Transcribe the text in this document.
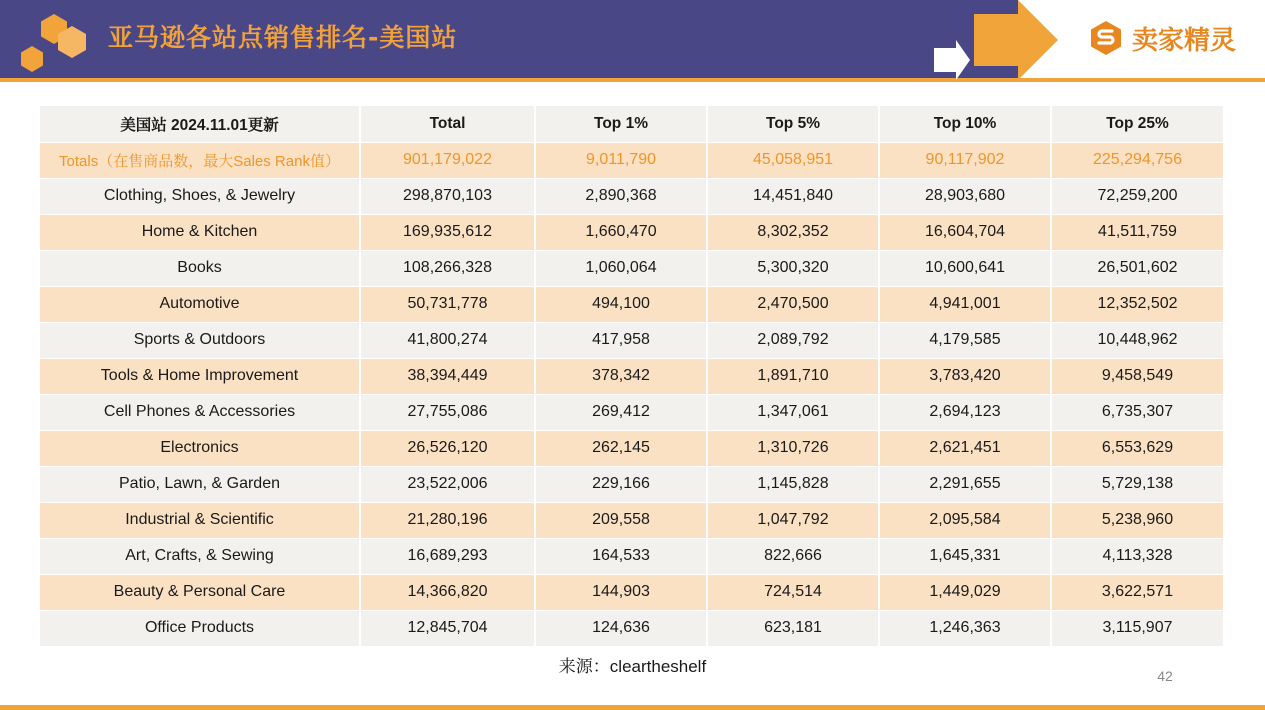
亚马逊各站点销售排名-美国站	卖家精灵
美国站 2024.11.01更新	Total	Top 1%	Top 5%	Top 10%	Top 25%
Totals（在售商品数，最大Sales Rank值）	901,179,022	9,011,790	45,058,951	90,117,902	225,294,756
Clothing, Shoes, & Jewelry	298,870,103	2,890,368	14,451,840	28,903,680	72,259,200
Home & Kitchen	169,935,612	1,660,470	8,302,352	16,604,704	41,511,759
Books	108,266,328	1,060,064	5,300,320	10,600,641	26,501,602
Automotive	50,731,778	494,100	2,470,500	4,941,001	12,352,502
Sports & Outdoors	41,800,274	417,958	2,089,792	4,179,585	10,448,962
Tools & Home Improvement	38,394,449	378,342	1,891,710	3,783,420	9,458,549
Cell Phones & Accessories	27,755,086	269,412	1,347,061	2,694,123	6,735,307
Electronics	26,526,120	262,145	1,310,726	2,621,451	6,553,629
Patio, Lawn, & Garden	23,522,006	229,166	1,145,828	2,291,655	5,729,138
Industrial & Scientific	21,280,196	209,558	1,047,792	2,095,584	5,238,960
Art, Crafts, & Sewing	16,689,293	164,533	822,666	1,645,331	4,113,328
Beauty & Personal Care	14,366,820	144,903	724,514	1,449,029	3,622,571
Office Products	12,845,704	124,636	623,181	1,246,363	3,115,907
来源：cleartheshelf	42
